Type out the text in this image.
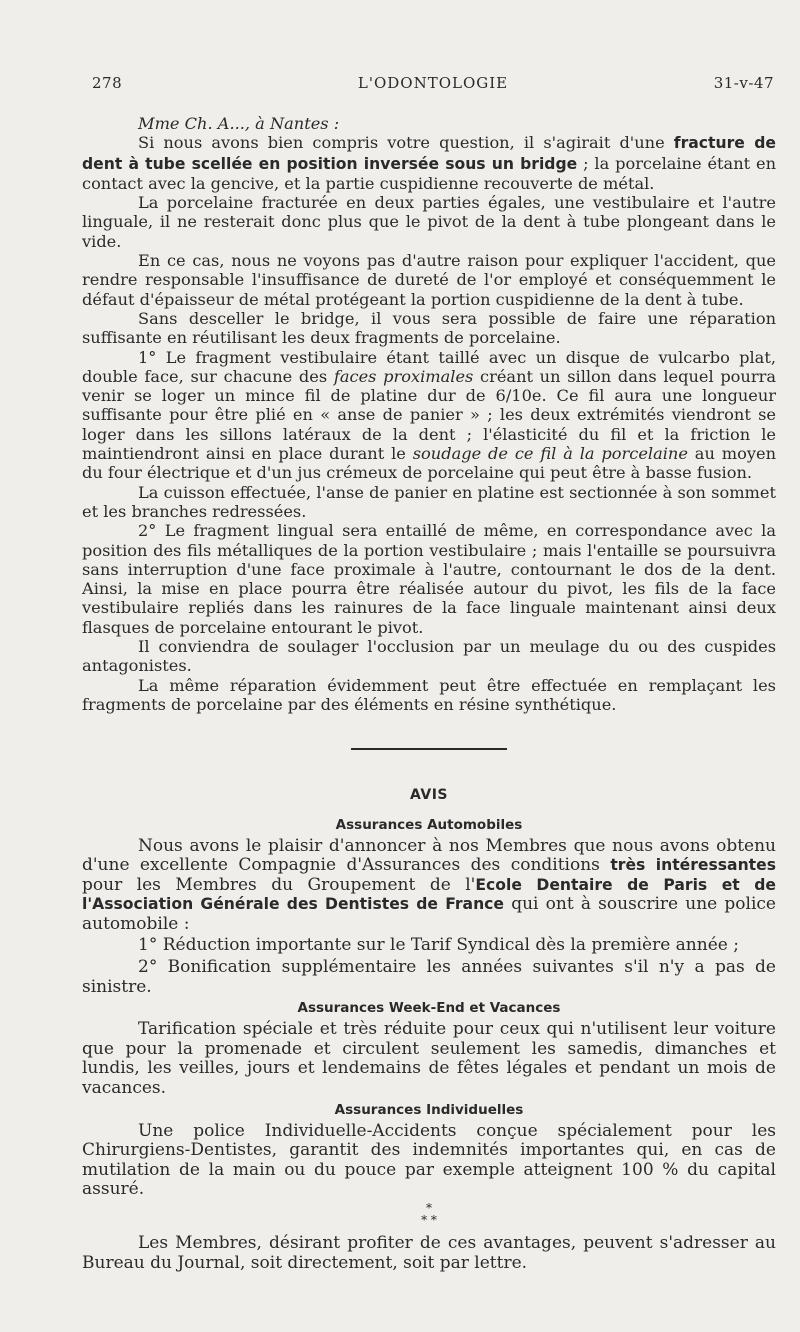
278	L'ODONTOLOGIE	31-v-47

Mme Ch. A..., à Nantes :

Si nous avons bien compris votre question, il s'agirait d'une fracture de dent à tube scellée en position inversée sous un bridge ; la porcelaine étant en contact avec la gencive, et la partie cuspidienne recouverte de métal.

La porcelaine fracturée en deux parties égales, une vestibulaire et l'autre linguale, il ne resterait donc plus que le pivot de la dent à tube plongeant dans le vide.

En ce cas, nous ne voyons pas d'autre raison pour expliquer l'accident, que rendre responsable l'insuffisance de dureté de l'or employé et conséquemment le défaut d'épaisseur de métal protégeant la portion cuspidienne de la dent à tube.

Sans desceller le bridge, il vous sera possible de faire une réparation suffisante en réutilisant les deux fragments de porcelaine.

1° Le fragment vestibulaire étant taillé avec un disque de vulcarbo plat, double face, sur chacune des faces proximales créant un sillon dans lequel pourra venir se loger un mince fil de platine dur de 6/10e. Ce fil aura une longueur suffisante pour être plié en « anse de panier » ; les deux extrémités viendront se loger dans les sillons latéraux de la dent ; l'élasticité du fil et la friction le maintiendront ainsi en place durant le soudage de ce fil à la porcelaine au moyen du four électrique et d'un jus crémeux de porcelaine qui peut être à basse fusion.

La cuisson effectuée, l'anse de panier en platine est sectionnée à son sommet et les branches redressées.

2° Le fragment lingual sera entaillé de même, en correspondance avec la position des fils métalliques de la portion vestibulaire ; mais l'entaille se poursuivra sans interruption d'une face proximale à l'autre, contournant le dos de la dent. Ainsi, la mise en place pourra être réalisée autour du pivot, les fils de la face vestibulaire repliés dans les rainures de la face linguale maintenant ainsi deux flasques de porcelaine entourant le pivot.

Il conviendra de soulager l'occlusion par un meulage du ou des cuspides antagonistes.

La même réparation évidemment peut être effectuée en remplaçant les fragments de porcelaine par des éléments en résine synthétique.

AVIS
Assurances Automobiles

Nous avons le plaisir d'annoncer à nos Membres que nous avons obtenu d'une excellente Compagnie d'Assurances des conditions très intéressantes pour les Membres du Groupement de l'Ecole Dentaire de Paris et de l'Association Générale des Dentistes de France qui ont à souscrire une police automobile :

1° Réduction importante sur le Tarif Syndical dès la première année ;

2° Bonification supplémentaire les années suivantes s'il n'y a pas de sinistre.

Assurances Week-End et Vacances

Tarification spéciale et très réduite pour ceux qui n'utilisent leur voiture que pour la promenade et circulent seulement les samedis, dimanches et lundis, les veilles, jours et lendemains de fêtes légales et pendant un mois de vacances.

Assurances Individuelles

Une police Individuelle-Accidents conçue spécialement pour les Chirurgiens-Dentistes, garantit des indemnités importantes qui, en cas de mutilation de la main ou du pouce par exemple atteignent 100 % du capital assuré.

*
* *

Les Membres, désirant profiter de ces avantages, peuvent s'adresser au Bureau du Journal, soit directement, soit par lettre.
